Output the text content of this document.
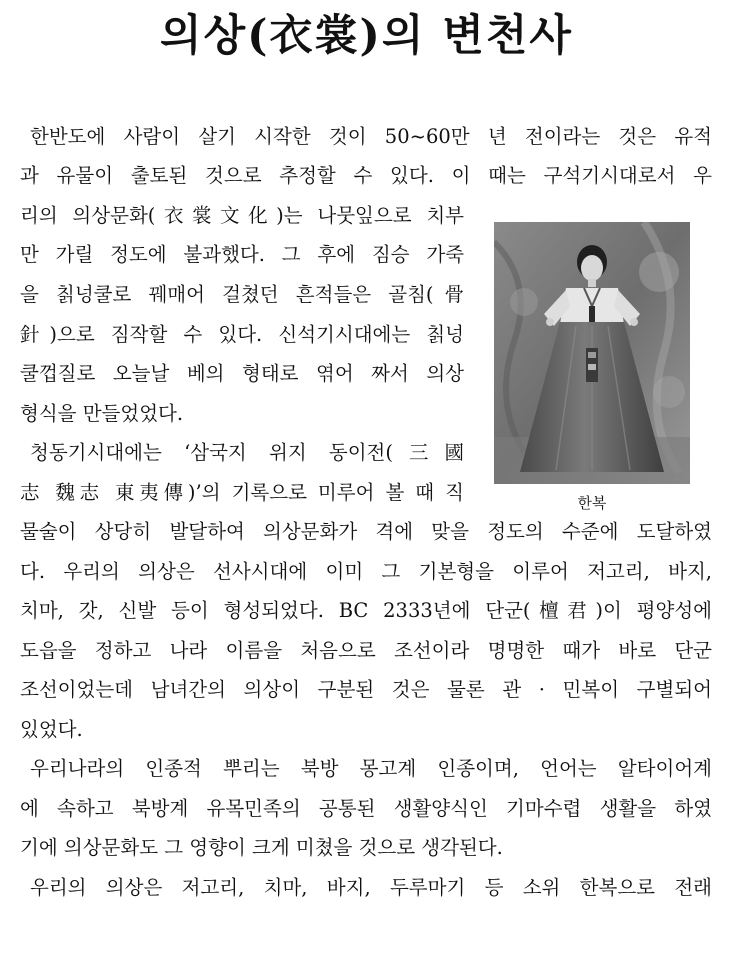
의상(衣裳)의 변천사
한반도에 사람이 살기 시작한 것이 50~60만 년 전이라는 것은 유적
과 유물이 출토된 것으로 추정할 수 있다. 이 때는 구석기시대로서 우
리의 의상문화(衣裳文化)는 나뭇잎으로 치부
만 가릴 정도에 불과했다. 그 후에 짐승 가죽
을 칡넝쿨로 꿰매어 걸쳤던 흔적들은 골침(骨
針)으로 짐작할 수 있다. 신석기시대에는 칡넝
쿨껍질로 오늘날 베의 형태로 엮어 짜서 의상
형식을 만들었었다.
청동기시대에는 ‘삼국지 위지 동이전(三國
志 魏志 東夷傳)’의 기록으로 미루어 볼 때 직
물술이 상당히 발달하여 의상문화가 격에 맞을 정도의 수준에 도달하였
다. 우리의 의상은 선사시대에 이미 그 기본형을 이루어 저고리, 바지,
치마, 갓, 신발 등이 형성되었다. BC 2333년에 단군(檀君)이 평양성에
도읍을 정하고 나라 이름을 처음으로 조선이라 명명한 때가 바로 단군
조선이었는데 남녀간의 의상이 구분된 것은 물론 관 · 민복이 구별되어
있었다.
우리나라의 인종적 뿌리는 북방 몽고계 인종이며, 언어는 알타이어계
에 속하고 북방계 유목민족의 공통된 생활양식인 기마수렵 생활을 하였
기에 의상문화도 그 영향이 크게 미쳤을 것으로 생각된다.
우리의 의상은 저고리, 치마, 바지, 두루마기 등 소위 한복으로 전래
한복
